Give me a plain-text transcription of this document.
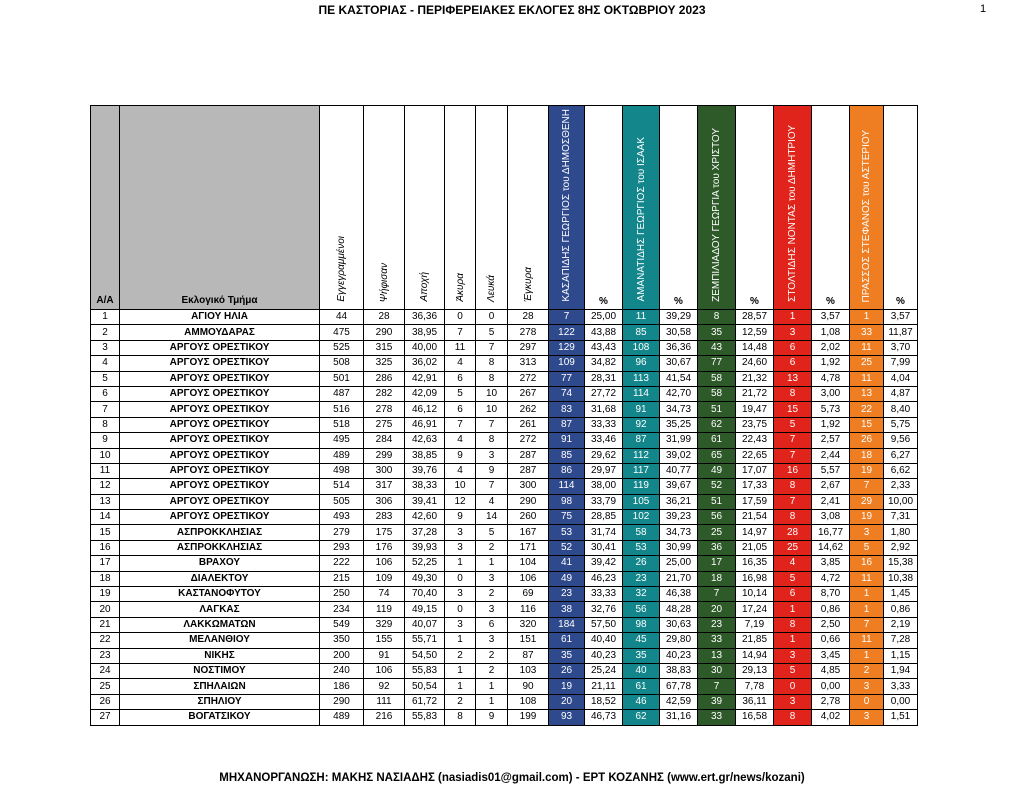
ΠΕ ΚΑΣΤΟΡΙΑΣ - ΠΕΡΙΦΕΡΕΙΑΚΕΣ ΕΚΛΟΓΕΣ 8ΗΣ ΟΚΤΩΒΡΙΟΥ 2023	1
Α/Α	Εκλογικό Τμήμα	Εγγεγραμμένοι	Ψήφισαν	Αποχή	Άκυρα	Λευκά	Έγκυρα	ΚΑΣΑΠΙΔΗΣ ΓΕΩΡΓΙΟΣ του ΔΗΜΟΣΘΕΝΗ	%	ΑΜΑΝΑΤΙΔΗΣ ΓΕΩΡΓΙΟΣ του ΙΣΑΑΚ	%	ΖΕΜΠΙΛΙΑΔΟΥ ΓΕΩΡΓΙΑ του ΧΡΙΣΤΟΥ	%	ΣΤΟΛΤΙΔΗΣ ΝΟΝΤΑΣ του ΔΗΜΗΤΡΙΟΥ	%	ΠΡΑΣΣΟΣ ΣΤΕΦΑΝΟΣ του ΑΣΤΕΡΙΟΥ	%
1	ΑΓΙΟΥ ΗΛΙΑ	44	28	36,36	0	0	28	7	25,00	11	39,29	8	28,57	1	3,57	1	3,57
2	ΑΜΜΟΥΔΑΡΑΣ	475	290	38,95	7	5	278	122	43,88	85	30,58	35	12,59	3	1,08	33	11,87
3	ΑΡΓΟΥΣ ΟΡΕΣΤΙΚΟΥ	525	315	40,00	11	7	297	129	43,43	108	36,36	43	14,48	6	2,02	11	3,70
4	ΑΡΓΟΥΣ ΟΡΕΣΤΙΚΟΥ	508	325	36,02	4	8	313	109	34,82	96	30,67	77	24,60	6	1,92	25	7,99
5	ΑΡΓΟΥΣ ΟΡΕΣΤΙΚΟΥ	501	286	42,91	6	8	272	77	28,31	113	41,54	58	21,32	13	4,78	11	4,04
6	ΑΡΓΟΥΣ ΟΡΕΣΤΙΚΟΥ	487	282	42,09	5	10	267	74	27,72	114	42,70	58	21,72	8	3,00	13	4,87
7	ΑΡΓΟΥΣ ΟΡΕΣΤΙΚΟΥ	516	278	46,12	6	10	262	83	31,68	91	34,73	51	19,47	15	5,73	22	8,40
8	ΑΡΓΟΥΣ ΟΡΕΣΤΙΚΟΥ	518	275	46,91	7	7	261	87	33,33	92	35,25	62	23,75	5	1,92	15	5,75
9	ΑΡΓΟΥΣ ΟΡΕΣΤΙΚΟΥ	495	284	42,63	4	8	272	91	33,46	87	31,99	61	22,43	7	2,57	26	9,56
10	ΑΡΓΟΥΣ ΟΡΕΣΤΙΚΟΥ	489	299	38,85	9	3	287	85	29,62	112	39,02	65	22,65	7	2,44	18	6,27
11	ΑΡΓΟΥΣ ΟΡΕΣΤΙΚΟΥ	498	300	39,76	4	9	287	86	29,97	117	40,77	49	17,07	16	5,57	19	6,62
12	ΑΡΓΟΥΣ ΟΡΕΣΤΙΚΟΥ	514	317	38,33	10	7	300	114	38,00	119	39,67	52	17,33	8	2,67	7	2,33
13	ΑΡΓΟΥΣ ΟΡΕΣΤΙΚΟΥ	505	306	39,41	12	4	290	98	33,79	105	36,21	51	17,59	7	2,41	29	10,00
14	ΑΡΓΟΥΣ ΟΡΕΣΤΙΚΟΥ	493	283	42,60	9	14	260	75	28,85	102	39,23	56	21,54	8	3,08	19	7,31
15	ΑΣΠΡΟΚΚΛΗΣΙΑΣ	279	175	37,28	3	5	167	53	31,74	58	34,73	25	14,97	28	16,77	3	1,80
16	ΑΣΠΡΟΚΚΛΗΣΙΑΣ	293	176	39,93	3	2	171	52	30,41	53	30,99	36	21,05	25	14,62	5	2,92
17	ΒΡΑΧΟΥ	222	106	52,25	1	1	104	41	39,42	26	25,00	17	16,35	4	3,85	16	15,38
18	ΔΙΑΛΕΚΤΟΥ	215	109	49,30	0	3	106	49	46,23	23	21,70	18	16,98	5	4,72	11	10,38
19	ΚΑΣΤΑΝΟΦΥΤΟΥ	250	74	70,40	3	2	69	23	33,33	32	46,38	7	10,14	6	8,70	1	1,45
20	ΛΑΓΚΑΣ	234	119	49,15	0	3	116	38	32,76	56	48,28	20	17,24	1	0,86	1	0,86
21	ΛΑΚΚΩΜΑΤΩΝ	549	329	40,07	3	6	320	184	57,50	98	30,63	23	7,19	8	2,50	7	2,19
22	ΜΕΛΑΝΘΙΟΥ	350	155	55,71	1	3	151	61	40,40	45	29,80	33	21,85	1	0,66	11	7,28
23	ΝΙΚΗΣ	200	91	54,50	2	2	87	35	40,23	35	40,23	13	14,94	3	3,45	1	1,15
24	ΝΟΣΤΙΜΟΥ	240	106	55,83	1	2	103	26	25,24	40	38,83	30	29,13	5	4,85	2	1,94
25	ΣΠΗΛΑΙΩΝ	186	92	50,54	1	1	90	19	21,11	61	67,78	7	7,78	0	0,00	3	3,33
26	ΣΠΗΛΙΟΥ	290	111	61,72	2	1	108	20	18,52	46	42,59	39	36,11	3	2,78	0	0,00
27	ΒΟΓΑΤΣΙΚΟΥ	489	216	55,83	8	9	199	93	46,73	62	31,16	33	16,58	8	4,02	3	1,51
ΜΗΧΑΝΟΡΓΑΝΩΣΗ: ΜΑΚΗΣ ΝΑΣΙΑΔΗΣ (nasiadis01@gmail.com) - ΕΡΤ ΚΟΖΑΝΗΣ (www.ert.gr/news/kozani)
